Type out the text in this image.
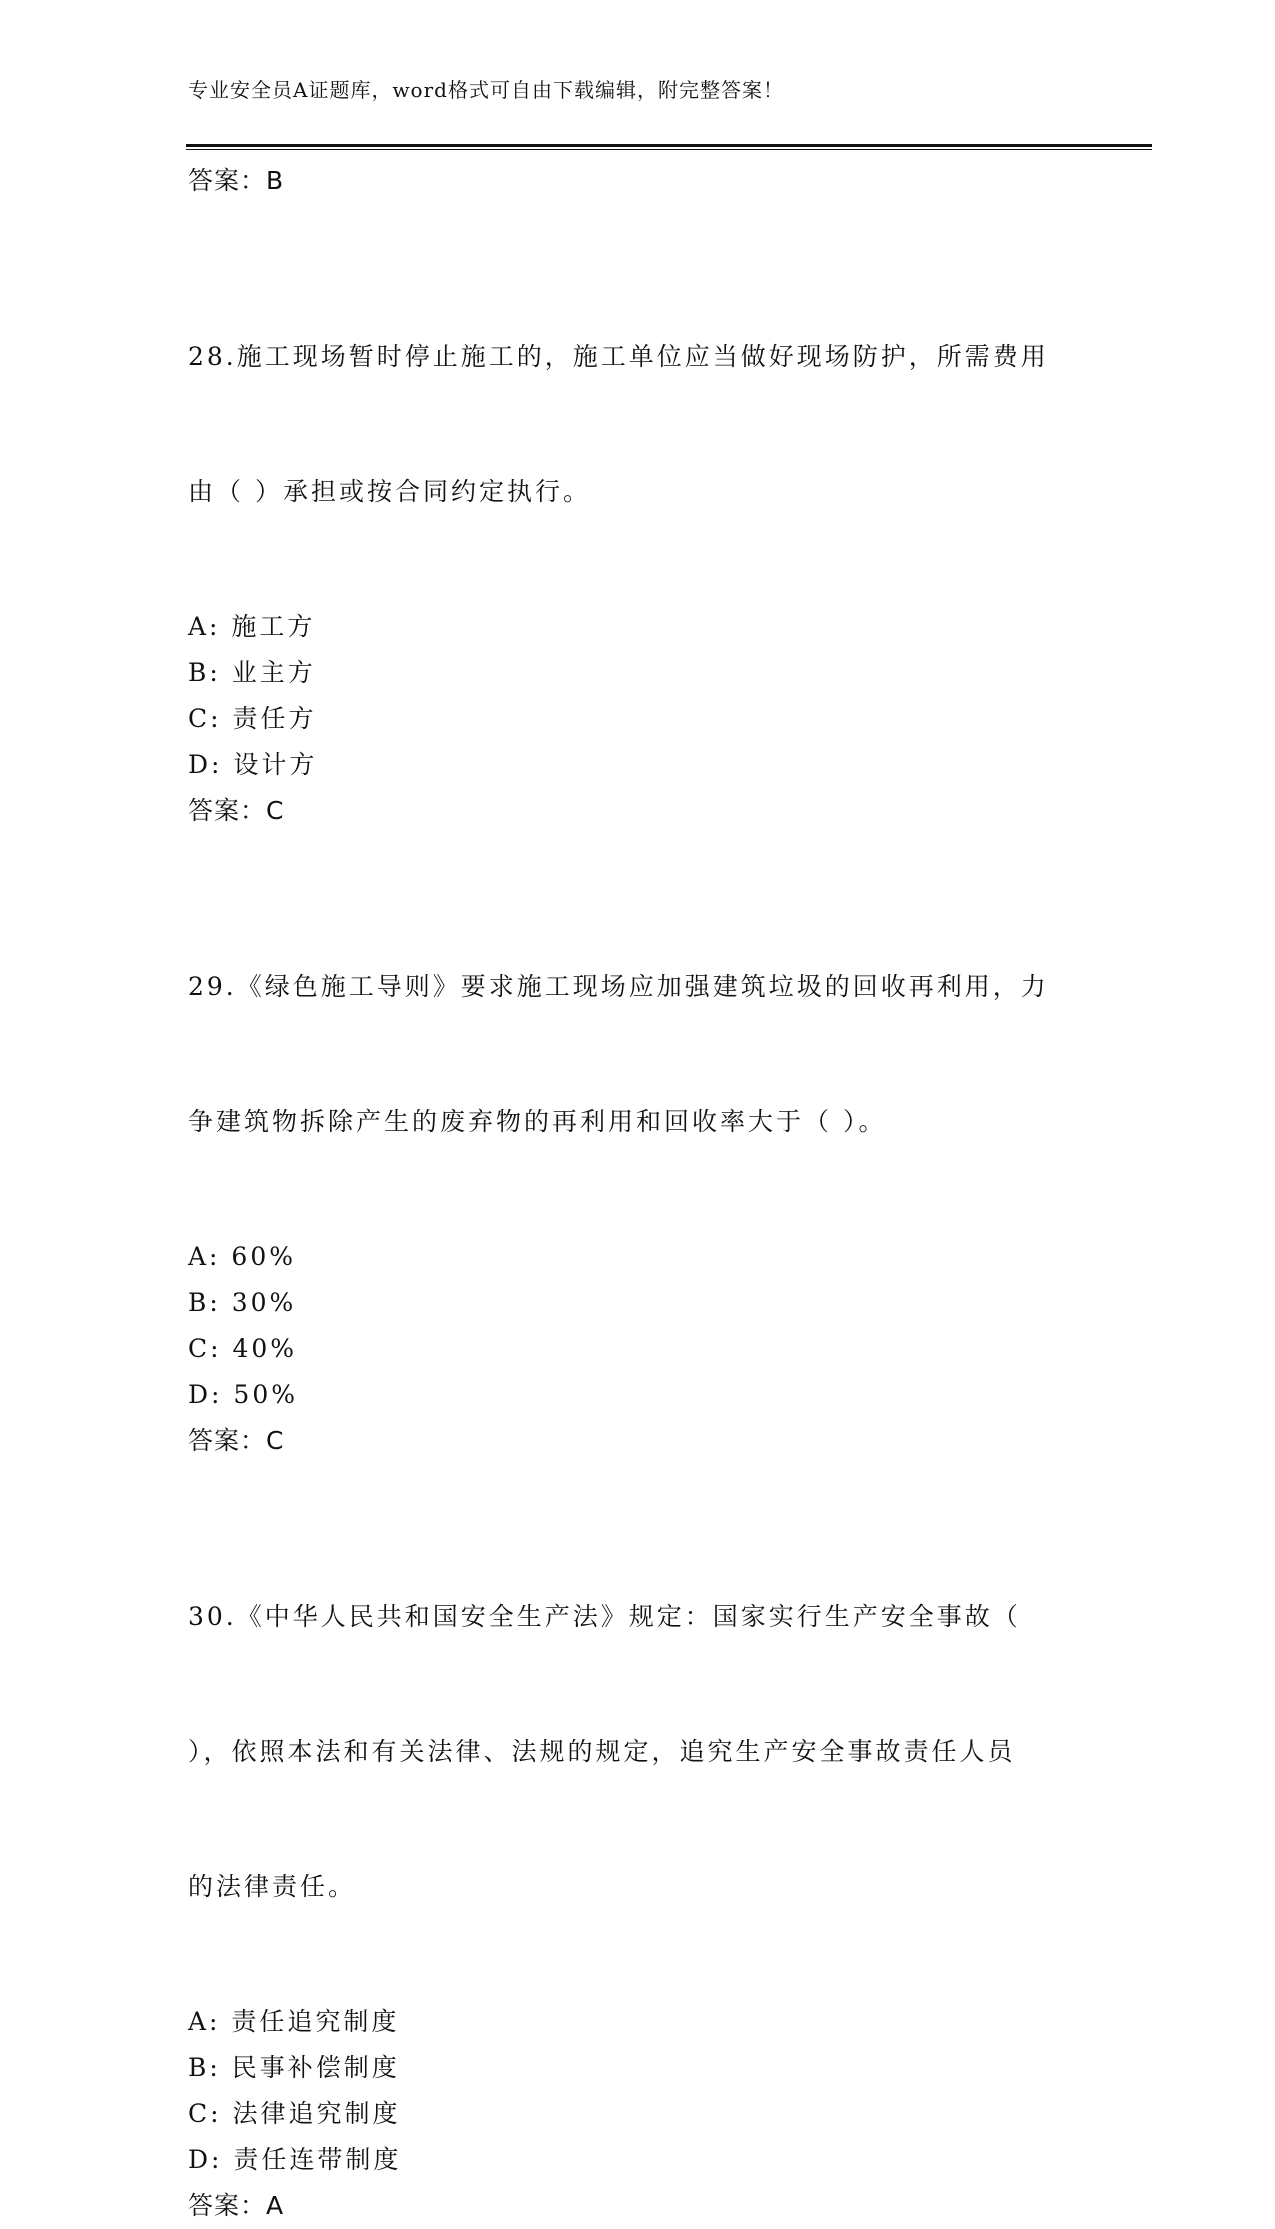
专业安全员A证题库，word格式可自由下载编辑，附完整答案！
答案：B

28.施工现场暂时停止施工的，施工单位应当做好现场防护，所需费用

由（ ）承担或按合同约定执行。

A: 施工方
B: 业主方
C: 责任方
D: 设计方
答案：C

29.《绿色施工导则》要求施工现场应加强建筑垃圾的回收再利用，力

争建筑物拆除产生的废弃物的再利用和回收率大于（ ）。

A: 60%
B: 30%
C: 40%
D: 50%
答案：C

30.《中华人民共和国安全生产法》规定：国家实行生产安全事故（

），依照本法和有关法律、法规的规定，追究生产安全事故责任人员

的法律责任。

A: 责任追究制度
B: 民事补偿制度
C: 法律追究制度
D: 责任连带制度
答案：A
